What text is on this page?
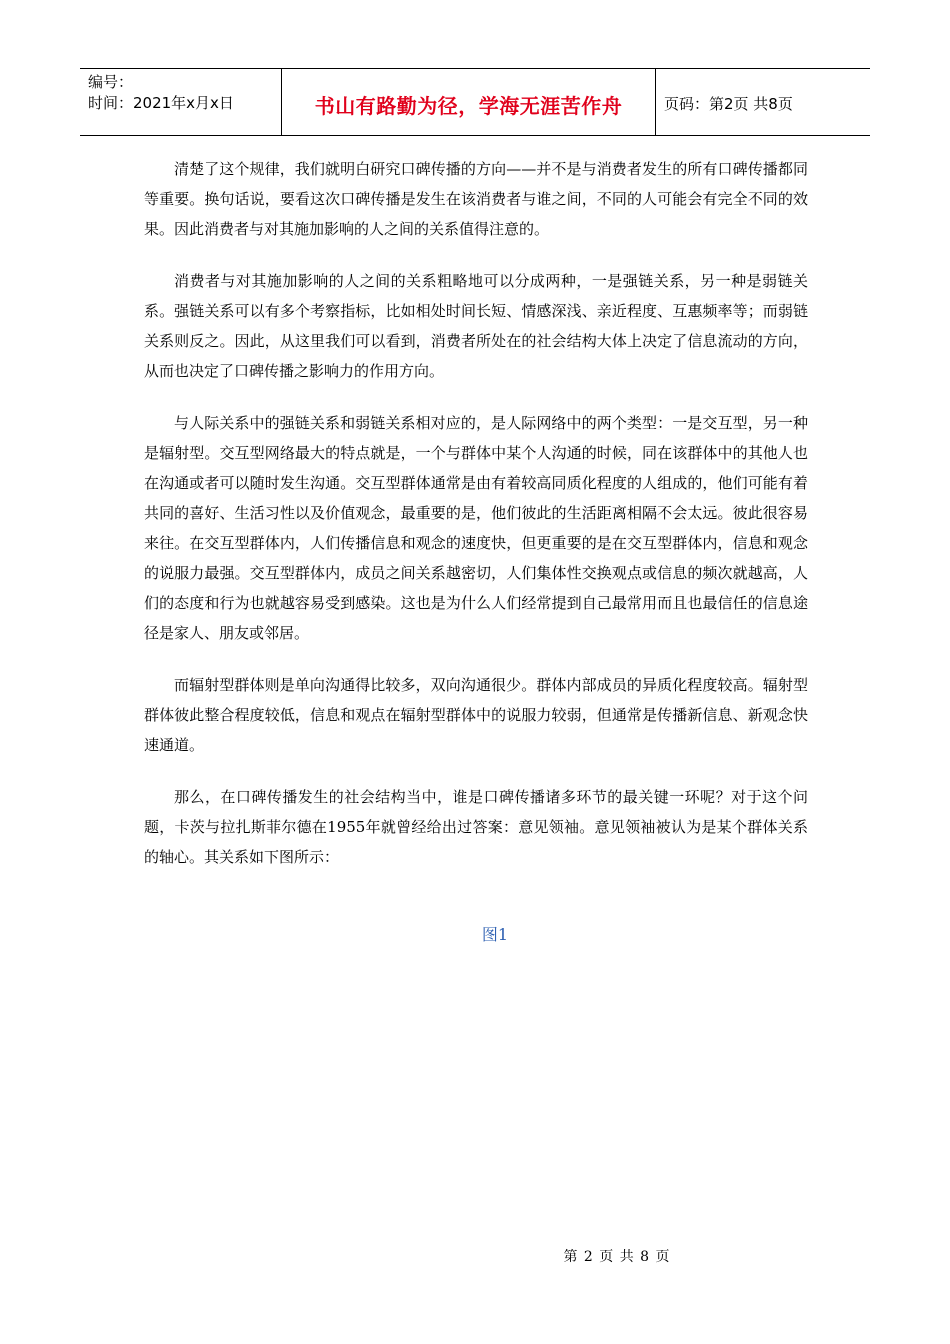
编号：
时间：2021年x月x日	书山有路勤为径，学海无涯苦作舟	页码：第2页 共8页

清楚了这个规律，我们就明白研究口碑传播的方向——并不是与消费者发生的所有口碑传播都同等重要。换句话说，要看这次口碑传播是发生在该消费者与谁之间，不同的人可能会有完全不同的效果。因此消费者与对其施加影响的人之间的关系值得注意的。

消费者与对其施加影响的人之间的关系粗略地可以分成两种，一是强链关系，另一种是弱链关系。强链关系可以有多个考察指标，比如相处时间长短、情感深浅、亲近程度、互惠频率等；而弱链关系则反之。因此，从这里我们可以看到，消费者所处在的社会结构大体上决定了信息流动的方向，从而也决定了口碑传播之影响力的作用方向。

与人际关系中的强链关系和弱链关系相对应的，是人际网络中的两个类型：一是交互型，另一种是辐射型。交互型网络最大的特点就是，一个与群体中某个人沟通的时候，同在该群体中的其他人也在沟通或者可以随时发生沟通。交互型群体通常是由有着较高同质化程度的人组成的，他们可能有着共同的喜好、生活习性以及价值观念，最重要的是，他们彼此的生活距离相隔不会太远。彼此很容易来往。在交互型群体内，人们传播信息和观念的速度快，但更重要的是在交互型群体内，信息和观念的说服力最强。交互型群体内，成员之间关系越密切，人们集体性交换观点或信息的频次就越高，人们的态度和行为也就越容易受到感染。这也是为什么人们经常提到自己最常用而且也最信任的信息途径是家人、朋友或邻居。

而辐射型群体则是单向沟通得比较多，双向沟通很少。群体内部成员的异质化程度较高。辐射型群体彼此整合程度较低，信息和观点在辐射型群体中的说服力较弱，但通常是传播新信息、新观念快速通道。

那么，在口碑传播发生的社会结构当中，谁是口碑传播诸多环节的最关键一环呢？对于这个问题，卡茨与拉扎斯菲尔德在1955年就曾经给出过答案：意见领袖。意见领袖被认为是某个群体关系的轴心。其关系如下图所示：

图1
第 2 页 共 8 页
